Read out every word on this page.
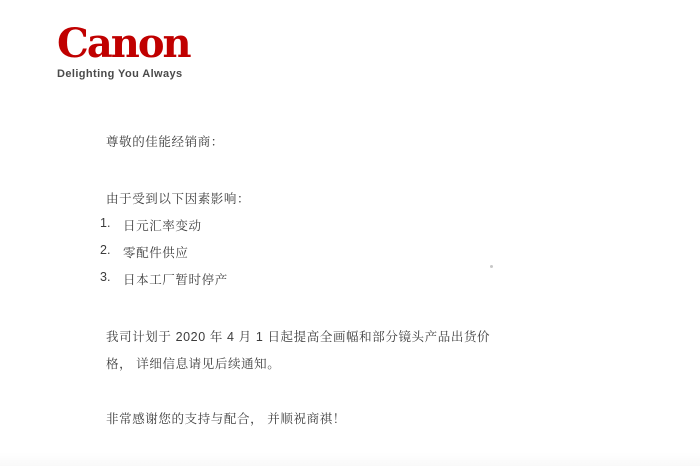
Canon
Delighting You Always
尊敬的佳能经销商：
由于受到以下因素影响：
1.	日元汇率变动
2.	零配件供应
3.	日本工厂暂时停产
我司计划于 2020 年 4 月 1 日起提高全画幅和部分镜头产品出货价
格， 详细信息请见后续通知。
非常感谢您的支持与配合， 并顺祝商祺！
